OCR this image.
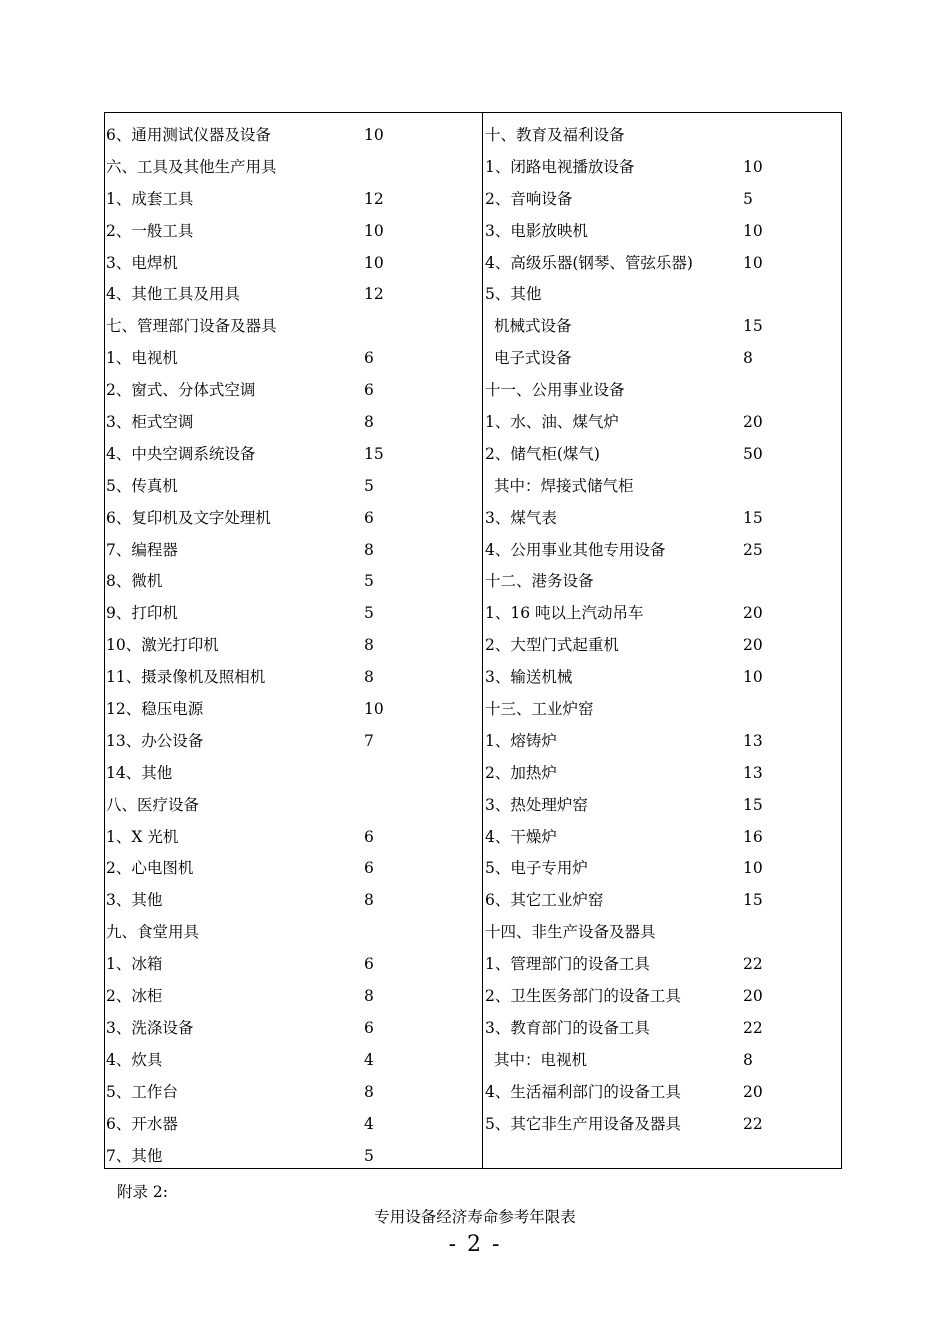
6、通用测试仪器及设备	10
六、工具及其他生产用具
1、成套工具	12
2、一般工具	10
3、电焊机	10
4、其他工具及用具	12
七、管理部门设备及器具
1、电视机	6
2、窗式、分体式空调	6
3、柜式空调	8
4、中央空调系统设备	15
5、传真机	5
6、复印机及文字处理机	6
7、编程器	8
8、微机	5
9、打印机	5
10、激光打印机	8
11、摄录像机及照相机	8
12、稳压电源	10
13、办公设备	7
14、其他
八、医疗设备
1、X 光机	6
2、心电图机	6
3、其他	8
九、食堂用具
1、冰箱	6
2、冰柜	8
3、洗涤设备	6
4、炊具	4
5、工作台	8
6、开水器	4
7、其他	5
十、教育及福利设备
1、闭路电视播放设备	10
2、音响设备	5
3、电影放映机	10
4、高级乐器(钢琴、管弦乐器)	10
5、其他
机械式设备	15
电子式设备	8
十一、公用事业设备
1、水、油、煤气炉	20
2、储气柜(煤气)	50
其中：焊接式储气柜
3、煤气表	15
4、公用事业其他专用设备	25
十二、港务设备
1、16 吨以上汽动吊车	20
2、大型门式起重机	20
3、输送机械	10
十三、工业炉窑
1、熔铸炉	13
2、加热炉	13
3、热处理炉窑	15
4、干燥炉	16
5、电子专用炉	10
6、其它工业炉窑	15
十四、非生产设备及器具
1、管理部门的设备工具	22
2、卫生医务部门的设备工具	20
3、教育部门的设备工具	22
其中：电视机	8
4、生活福利部门的设备工具	20
5、其它非生产用设备及器具	22
附录 2:
专用设备经济寿命参考年限表
- 2 -
